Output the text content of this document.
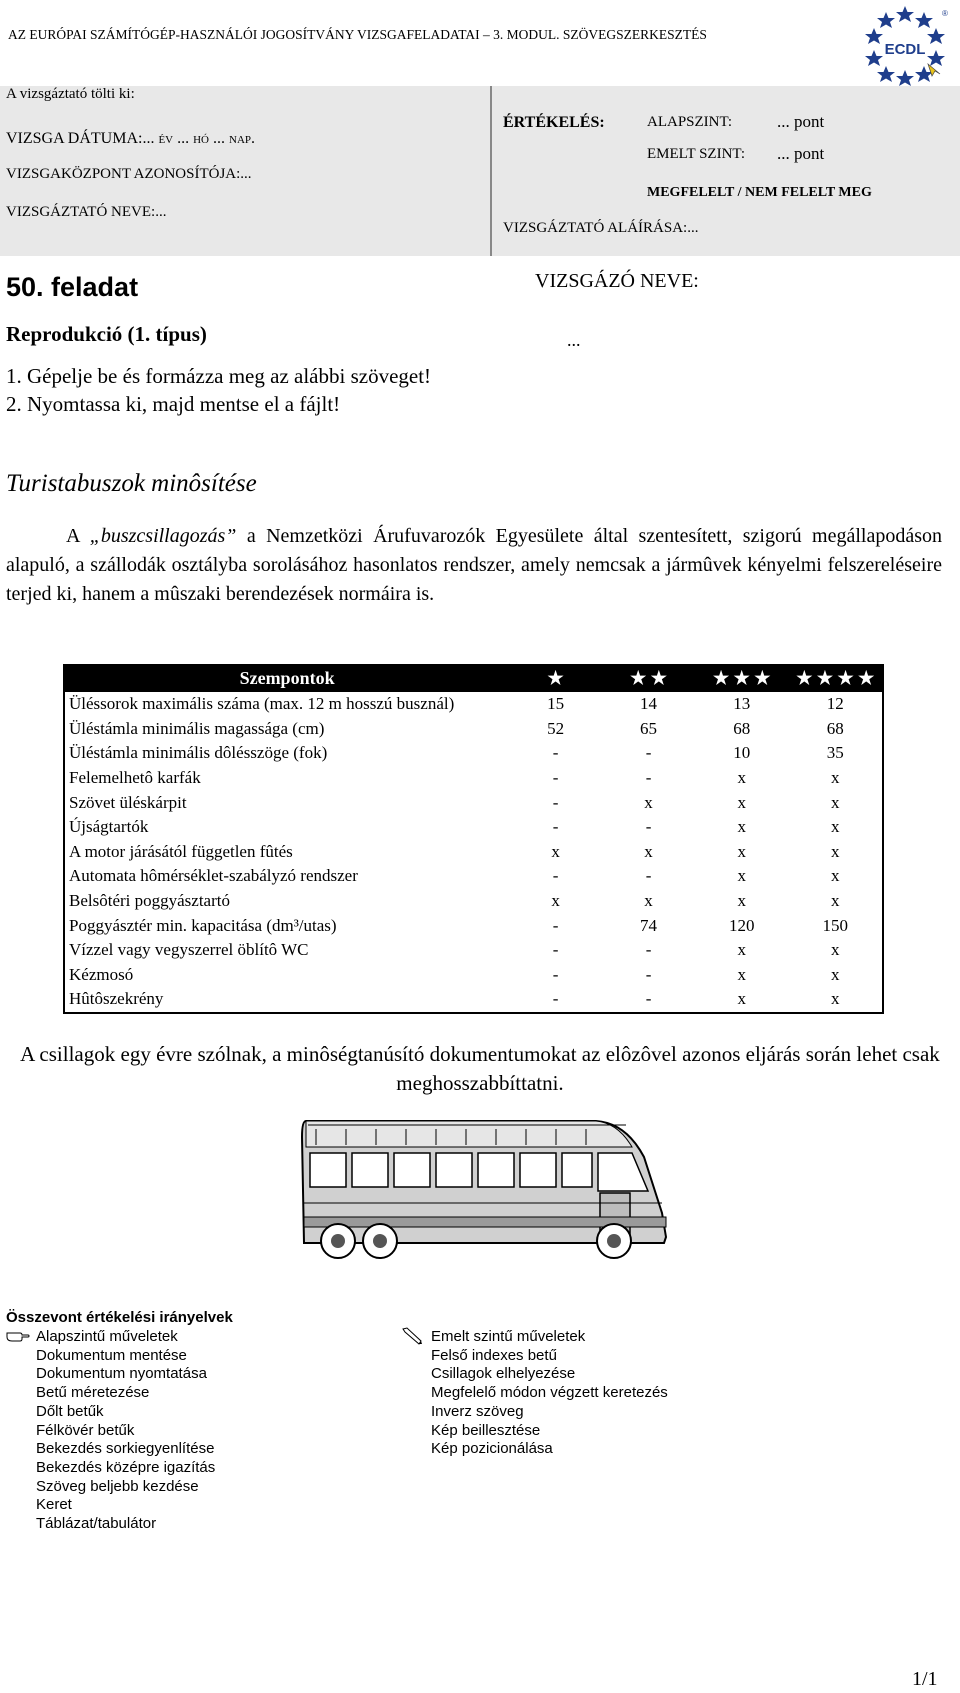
AZ EURÓPAI SZÁMÍTÓGÉP-HASZNÁLÓI JOGOSÍTVÁNY VIZSGAFELADATAI – 3. MODUL. SZÖVEGSZERKESZTÉS
ECDL
®
A vizsgáztató tölti ki:
VIZSGA DÁTUMA:... év ... hó ... nap.
VIZSGAKÖZPONT AZONOSÍTÓJA:...
VIZSGÁZTATÓ NEVE:...
ÉRTÉKELÉS:	ALAPSZINT:	... pont
EMELT SZINT: ... pont
MEGFELELT / NEM FELELT MEG
VIZSGÁZTATÓ ALÁÍRÁSA:...
50. feladat
Reprodukció (1. típus)
1. Gépelje be és formázza meg az alábbi szöveget!
2. Nyomtassa ki, majd mentse el a fájlt!
VIZSGÁZÓ NEVE:
...
Turistabuszok minôsítése
A „buszcsillagozás” a Nemzetközi Árufuvarozók Egyesülete által szentesített, szigorú megállapodáson alapuló, a szállodák osztályba sorolásához hasonlatos rendszer, amely nemcsak a jármûvek kényelmi felszereléseire terjed ki, hanem a mûszaki berendezések normáira is.
Szempontok	★	★ ★	★ ★ ★	★ ★ ★ ★
Üléssorok maximális száma (max. 12 m hosszú busznál)	15	14	13	12
Üléstámla minimális magassága (cm)	52	65	68	68
Üléstámla minimális dôlésszöge (fok)	-	-	10	35
Felemelhetô karfák	-	-	x	x
Szövet üléskárpit	-	x	x	x
Újságtartók	-	-	x	x
A motor járásától független fûtés	x	x	x	x
Automata hômérséklet-szabályzó rendszer	-	-	x	x
Belsôtéri poggyásztartó	x	x	x	x
Poggyásztér min. kapacitása (dm³/utas)	-	74	120	150
Vízzel vagy vegyszerrel öblítô WC	-	-	x	x
Kézmosó	-	-	x	x
Hûtôszekrény	-	-	x	x
A csillagok egy évre szólnak, a minôségtanúsító dokumentumokat az elôzôvel azonos eljárás során lehet csak meghosszabbíttatni.
Összevont értékelési irányelvek
Alapszintű műveletek
Dokumentum mentése
Dokumentum nyomtatása
Betű méretezése
Dőlt betűk
Félkövér betűk
Bekezdés sorkiegyenlítése
Bekezdés középre igazítás
Szöveg beljebb kezdése
Keret
Táblázat/tabulátor
Emelt szintű műveletek
Felső indexes betű
Csillagok elhelyezése
Megfelelő módon végzett keretezés
Inverz szöveg
Kép beillesztése
Kép pozicionálása
1/1
